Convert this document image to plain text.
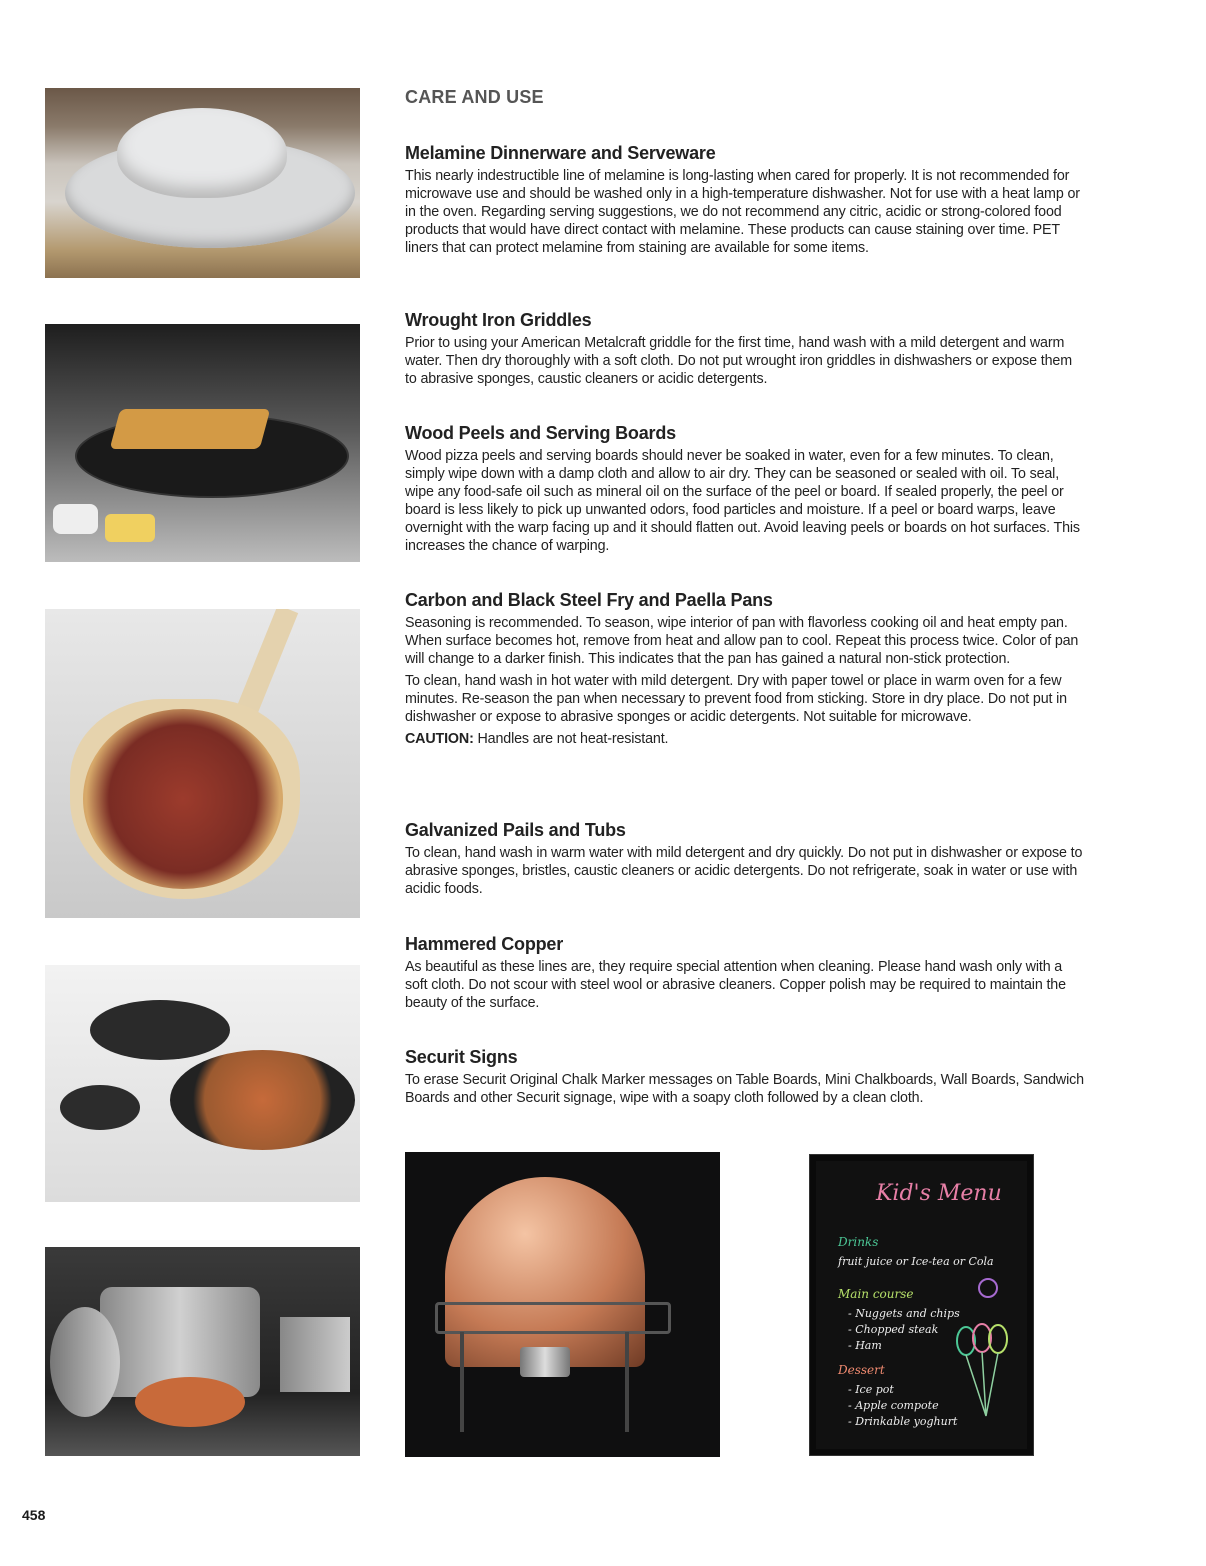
CARE AND USE
Melamine Dinnerware and Serveware
This nearly indestructible line of melamine is long-lasting when cared for properly. It is not recommended for microwave use and should be washed only in a high-temperature dishwasher. Not for use with a heat lamp or in the oven. Regarding serving suggestions, we do not recommend any citric, acidic or strong-colored food products that would have direct contact with melamine. These products can cause staining over time. PET liners that can protect melamine from staining are available for some items.
Wrought Iron Griddles
Prior to using your American Metalcraft griddle for the first time, hand wash with a mild detergent and warm water. Then dry thoroughly with a soft cloth. Do not put wrought iron griddles in dishwashers or expose them to abrasive sponges, caustic cleaners or acidic detergents.
Wood Peels and Serving Boards
Wood pizza peels and serving boards should never be soaked in water, even for a few minutes. To clean, simply wipe down with a damp cloth and allow to air dry. They can be seasoned or sealed with oil. To seal, wipe any food-safe oil such as mineral oil on the surface of the peel or board. If sealed properly, the peel or board is less likely to pick up unwanted odors, food particles and moisture. If a peel or board warps, leave overnight with the warp facing up and it should flatten out. Avoid leaving peels or boards on hot surfaces. This increases the chance of warping.
Carbon and Black Steel Fry and Paella Pans
Seasoning is recommended. To season, wipe interior of pan with flavorless cooking oil and heat empty pan. When surface becomes hot, remove from heat and allow pan to cool. Repeat this process twice. Color of pan will change to a darker finish. This indicates that the pan has gained a natural non-stick protection.
To clean, hand wash in hot water with mild detergent. Dry with paper towel or place in warm oven for a few minutes. Re-season the pan when necessary to prevent food from sticking. Store in dry place. Do not put in dishwasher or expose to abrasive sponges or acidic detergents. Not suitable for microwave.
CAUTION: Handles are not heat-resistant.
Galvanized Pails and Tubs
To clean, hand wash in warm water with mild detergent and dry quickly. Do not put in dishwasher or expose to abrasive sponges, bristles, caustic cleaners or acidic detergents. Do not refrigerate, soak in water or use with acidic foods.
Hammered Copper
As beautiful as these lines are, they require special attention when cleaning. Please hand wash only with a soft cloth. Do not scour with steel wool or abrasive cleaners. Copper polish may be required to maintain the beauty of the surface.
Securit Signs
To erase Securit Original Chalk Marker messages on Table Boards, Mini Chalkboards, Wall Boards, Sandwich Boards and other Securit signage, wipe with a soapy cloth followed by a clean cloth.
Kid's Menu
Drinks
fruit juice or Ice-tea or Cola
Main course
- Nuggets and chips
- Chopped steak
- Ham
Dessert
- Ice pot
- Apple compote
- Drinkable yoghurt
458
